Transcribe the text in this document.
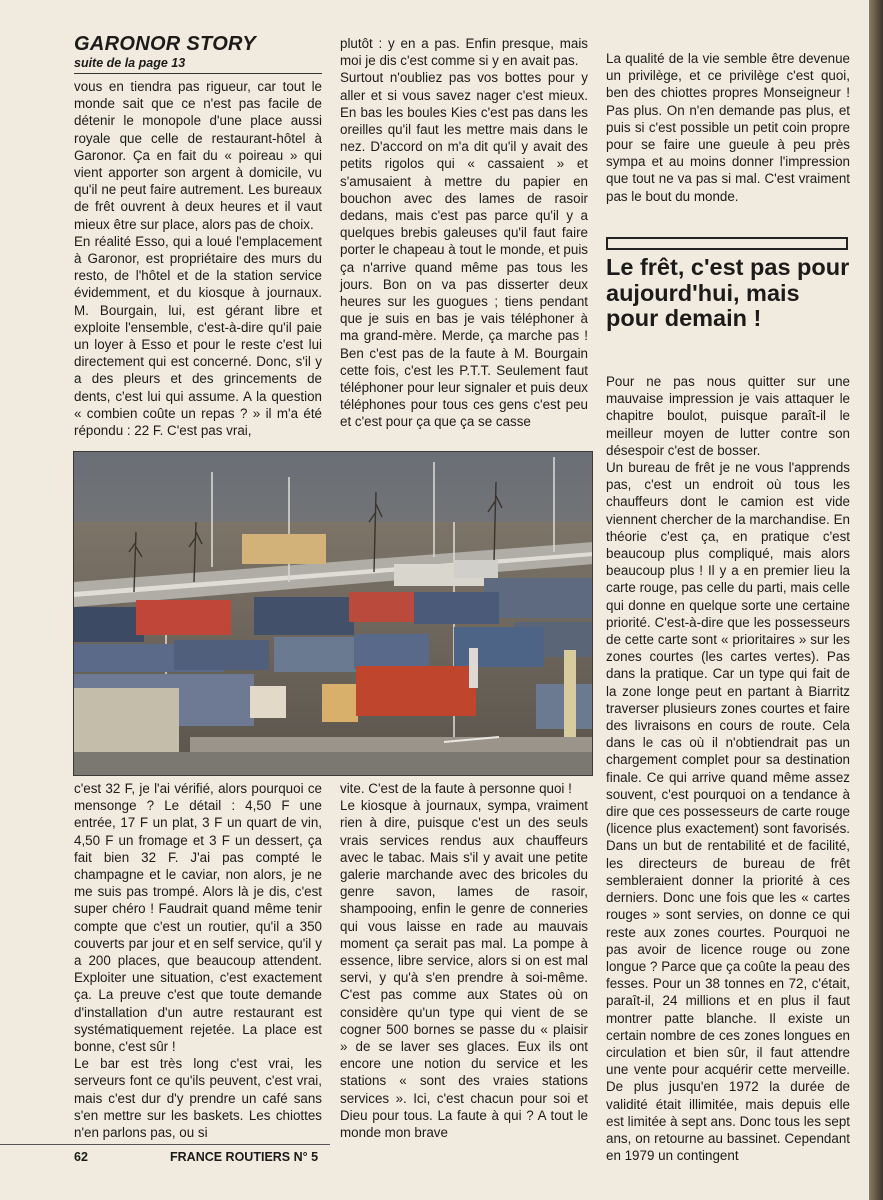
GARONOR STORY
suite de la page 13

vous en tiendra pas rigueur, car tout le monde sait que ce n'est pas facile de détenir le monopole d'une place aussi royale que celle de restaurant-hôtel à Garonor. Ça en fait du « poireau » qui vient apporter son argent à domicile, vu qu'il ne peut faire autrement. Les bureaux de frêt ouvrent à deux heures et il vaut mieux être sur place, alors pas de choix.

En réalité Esso, qui a loué l'emplacement à Garonor, est propriétaire des murs du resto, de l'hôtel et de la station service évidemment, et du kiosque à journaux. M. Bourgain, lui, est gérant libre et exploite l'ensemble, c'est-à-dire qu'il paie un loyer à Esso et pour le reste c'est lui directement qui est concerné. Donc, s'il y a des pleurs et des grincements de dents, c'est lui qui assume. A la question « combien coûte un repas ? » il m'a été répondu : 22 F. C'est pas vrai,

plutôt : y en a pas. Enfin presque, mais moi je dis c'est comme si y en avait pas.

Surtout n'oubliez pas vos bottes pour y aller et si vous savez nager c'est mieux. En bas les boules Kies c'est pas dans les oreilles qu'il faut les mettre mais dans le nez. D'accord on m'a dit qu'il y avait des petits rigolos qui « cassaient » et s'amusaient à mettre du papier en bouchon avec des lames de rasoir dedans, mais c'est pas parce qu'il y a quelques brebis galeuses qu'il faut faire porter le chapeau à tout le monde, et puis ça n'arrive quand même pas tous les jours. Bon on va pas disserter deux heures sur les guogues ; tiens pendant que je suis en bas je vais téléphoner à ma grand-mère. Merde, ça marche pas ! Ben c'est pas de la faute à M. Bourgain cette fois, c'est les P.T.T. Seulement faut téléphoner pour leur signaler et puis deux téléphones pour tous ces gens c'est peu et c'est pour ça que ça se casse

La qualité de la vie semble être devenue un privilège, et ce privilège c'est quoi, ben des chiottes propres Monseigneur ! Pas plus. On n'en demande pas plus, et puis si c'est possible un petit coin propre pour se faire une gueule à peu près sympa et au moins donner l'impression que tout ne va pas si mal. C'est vraiment pas le bout du monde.

Le frêt, c'est pas pour aujourd'hui, mais pour demain !

Pour ne pas nous quitter sur une mauvaise impression je vais attaquer le chapitre boulot, puisque paraît-il le meilleur moyen de lutter contre son désespoir c'est de bosser.

Un bureau de frêt je ne vous l'apprends pas, c'est un endroit où tous les chauffeurs dont le camion est vide viennent chercher de la marchandise. En théorie c'est ça, en pratique c'est beaucoup plus compliqué, mais alors beaucoup plus ! Il y a en premier lieu la carte rouge, pas celle du parti, mais celle qui donne en quelque sorte une certaine priorité. C'est-à-dire que les possesseurs de cette carte sont « prioritaires » sur les zones courtes (les cartes vertes). Pas dans la pratique. Car un type qui fait de la zone longe peut en partant à Biarritz traverser plusieurs zones courtes et faire des livraisons en cours de route. Cela dans le cas où il n'obtiendrait pas un chargement complet pour sa destination finale. Ce qui arrive quand même assez souvent, c'est pourquoi on a tendance à dire que ces possesseurs de carte rouge (licence plus exactement) sont favorisés. Dans un but de rentabilité et de facilité, les directeurs de bureau de frêt sembleraient donner la priorité à ces derniers. Donc une fois que les « cartes rouges » sont servies, on donne ce qui reste aux zones courtes. Pourquoi ne pas avoir de licence rouge ou zone longue ? Parce que ça coûte la peau des fesses. Pour un 38 tonnes en 72, c'était, paraît-il, 24 millions et en plus il faut montrer patte blanche. Il existe un certain nombre de ces zones longues en circulation et bien sûr, il faut attendre une vente pour acquérir cette merveille. De plus jusqu'en 1972 la durée de validité était illimitée, mais depuis elle est limitée à sept ans. Donc tous les sept ans, on retourne au bassinet. Cependant en 1979 un contingent

c'est 32 F, je l'ai vérifié, alors pourquoi ce mensonge ? Le détail : 4,50 F une entrée, 17 F un plat, 3 F un quart de vin, 4,50 F un fromage et 3 F un dessert, ça fait bien 32 F. J'ai pas compté le champagne et le caviar, non alors, je ne me suis pas trompé. Alors là je dis, c'est super chéro ! Faudrait quand même tenir compte que c'est un routier, qu'il a 350 couverts par jour et en self service, qu'il y a 200 places, que beaucoup attendent. Exploiter une situation, c'est exactement ça. La preuve c'est que toute demande d'installation d'un autre restaurant est systématiquement rejetée. La place est bonne, c'est sûr !

Le bar est très long c'est vrai, les serveurs font ce qu'ils peuvent, c'est vrai, mais c'est dur d'y prendre un café sans s'en mettre sur les baskets. Les chiottes n'en parlons pas, ou si

vite. C'est de la faute à personne quoi !

Le kiosque à journaux, sympa, vraiment rien à dire, puisque c'est un des seuls vrais services rendus aux chauffeurs avec le tabac. Mais s'il y avait une petite galerie marchande avec des bricoles du genre savon, lames de rasoir, shampooing, enfin le genre de conneries qui vous laisse en rade au mauvais moment ça serait pas mal. La pompe à essence, libre service, alors si on est mal servi, y qu'à s'en prendre à soi-même. C'est pas comme aux States où on considère qu'un type qui vient de se cogner 500 bornes se passe du « plaisir » de se laver ses glaces. Eux ils ont encore une notion du service et les stations « sont des vraies stations services ». Ici, c'est chacun pour soi et Dieu pour tous. La faute à qui ? A tout le monde mon brave

62	FRANCE ROUTIERS N° 5
